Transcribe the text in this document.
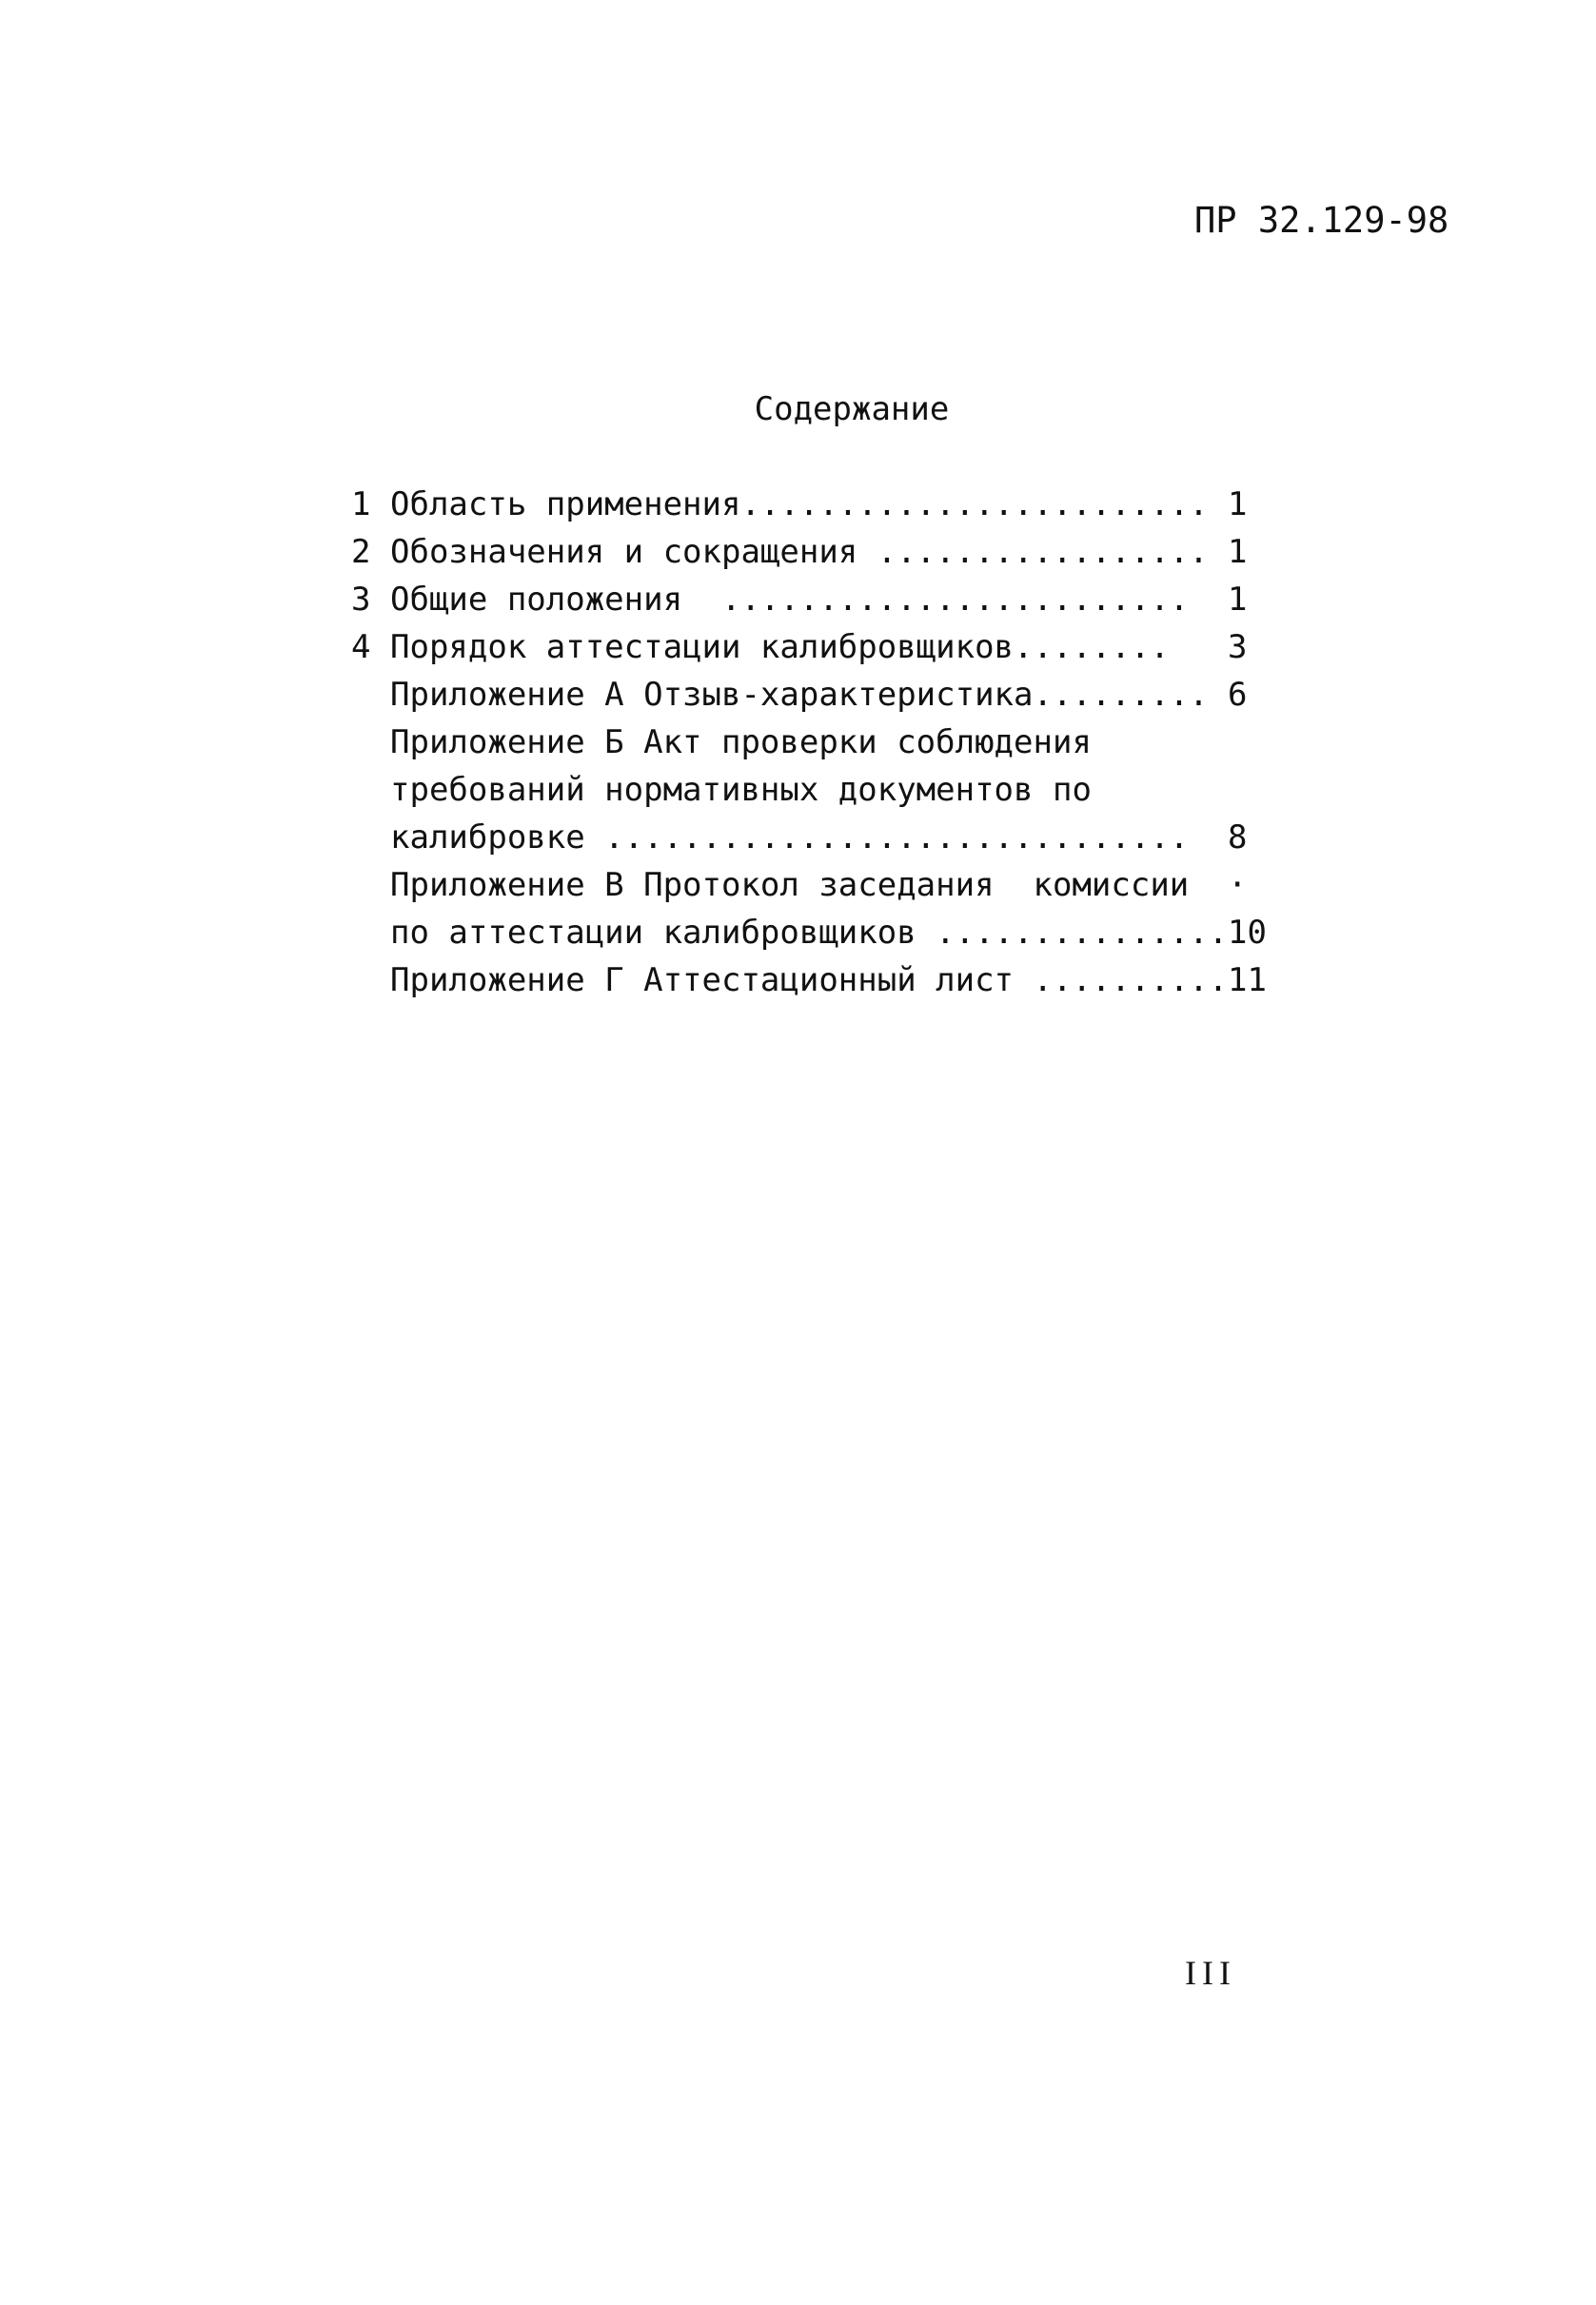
ПР 32.129-98
Содержание

1

Область применения........................

1

2

Обозначения и сокращения .................

1

3

Общие положения  ........................

1

4

Порядок аттестации калибровщиков........

3

Приложение А Отзыв-характеристика.........

6

Приложение Б Акт проверки соблюдения

требований нормативных документов по

калибровке ..............................

8

Приложение В Протокол заседания  комиссии

·

по аттестации калибровщиков ...............

10

Приложение Г Аттестационный лист ..........

11

III
